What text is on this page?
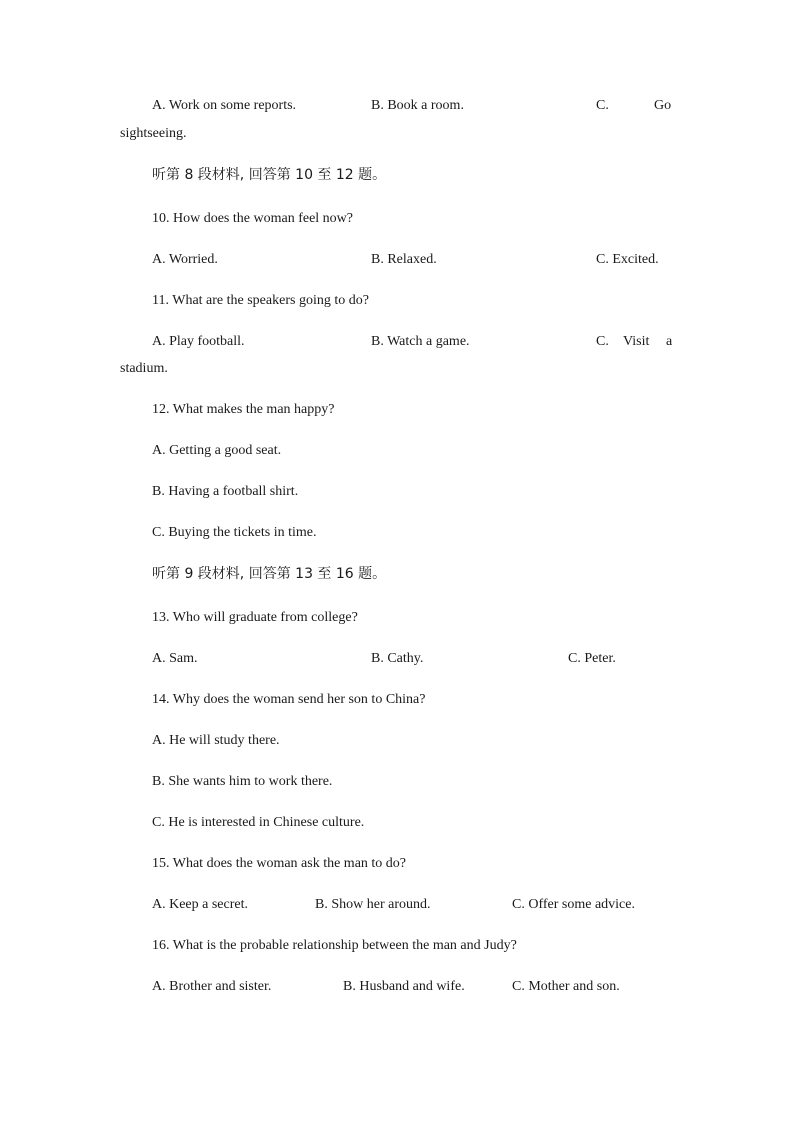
A. Work on some reports.	B. Book a room.	C.	Go
sightseeing.
听第 8 段材料, 回答第 10 至 12 题。
10. How does the woman feel now?
A. Worried.	B. Relaxed.	C. Excited.
11. What are the speakers going to do?
A. Play football.	B. Watch a game.	C. Visit a
stadium.
12. What makes the man happy?
A. Getting a good seat.
B. Having a football shirt.
C. Buying the tickets in time.
听第 9 段材料, 回答第 13 至 16 题。
13. Who will graduate from college?
A. Sam.	B. Cathy.	C. Peter.
14. Why does the woman send her son to China?
A. He will study there.
B. She wants him to work there.
C. He is interested in Chinese culture.
15. What does the woman ask the man to do?
A. Keep a secret.	B. Show her around.	C. Offer some advice.
16. What is the probable relationship between the man and Judy?
A. Brother and sister.	B. Husband and wife.	C. Mother and son.
